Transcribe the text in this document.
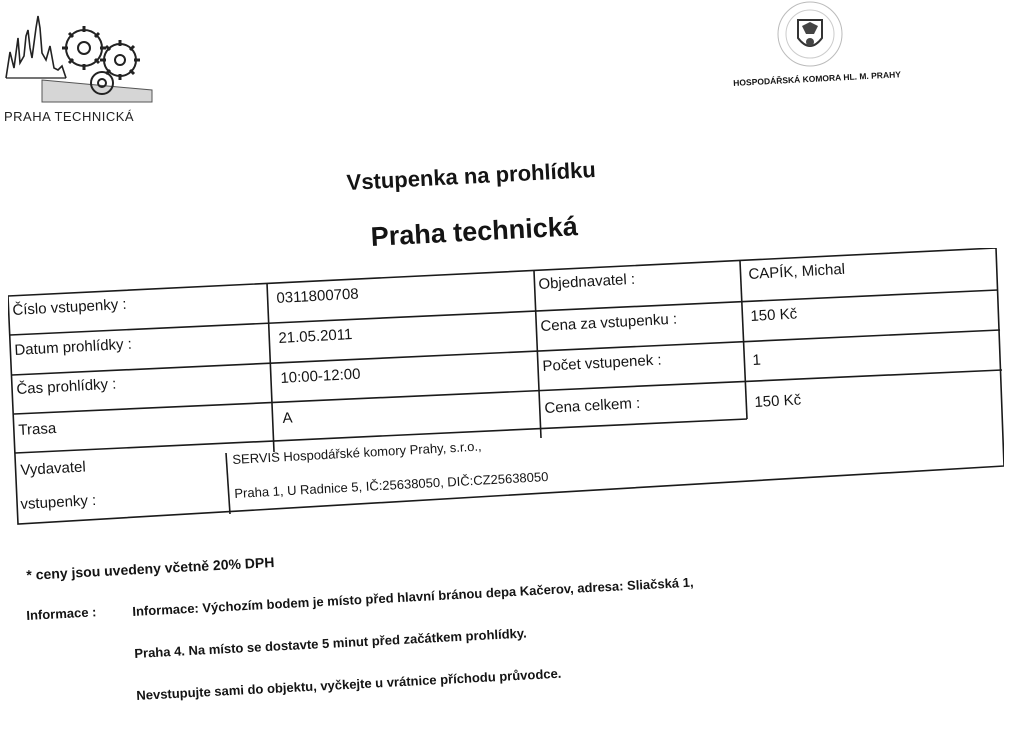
PRAHA TECHNICKÁ
HOSPODÁŘSKÁ KOMORA HL. M. PRAHY
Vstupenka na prohlídku
Praha technická
Číslo vstupenky :
Datum prohlídky :
Čas prohlídky :
Trasa
0311800708
21.05.2011
10:00-12:00
A
Objednavatel :
Cena za vstupenku :
Počet vstupenek :
Cena celkem :
CAPÍK, Michal
150 Kč
1
150 Kč
Vydavatel
vstupenky :
SERVIS Hospodářské komory Prahy, s.r.o.,
Praha 1, U Radnice 5, IČ:25638050, DIČ:CZ25638050
* ceny jsou uvedeny včetně 20% DPH
Informace :	Informace: Výchozím bodem je místo před hlavní bránou depa Kačerov, adresa: Sliačská 1,
Praha 4. Na místo se dostavte 5 minut před začátkem prohlídky.
Nevstupujte sami do objektu, vyčkejte u vrátnice příchodu průvodce.
